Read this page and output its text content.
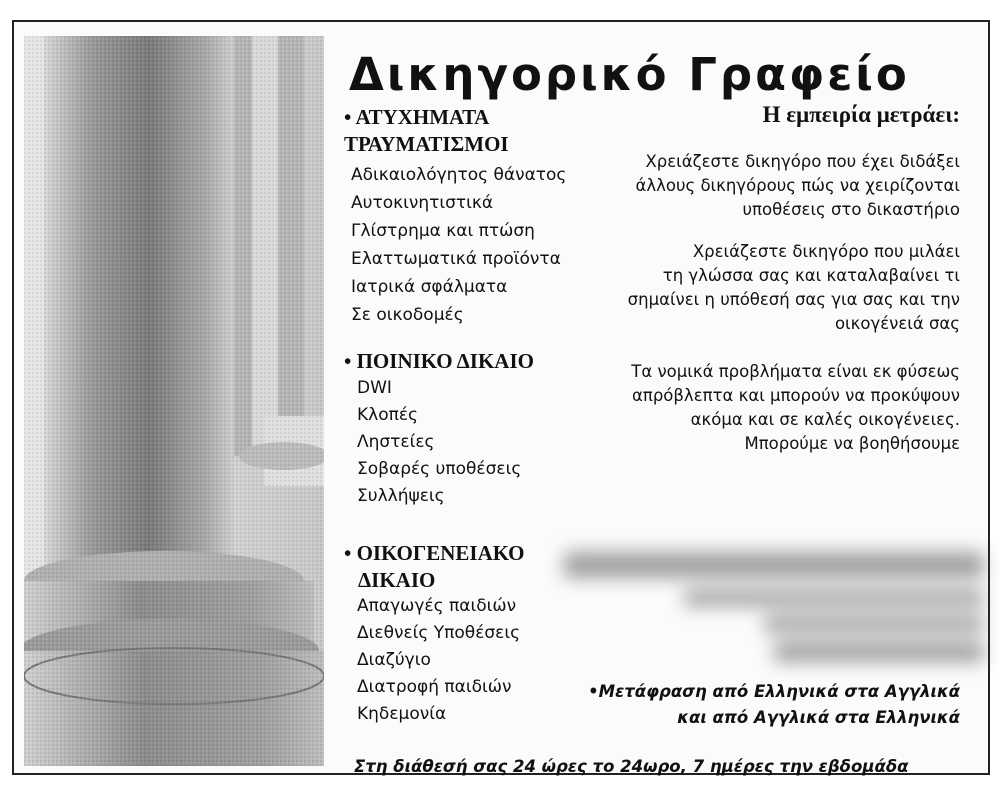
Δικηγορικό Γραφείο
• ΑΤΥΧΗΜΑΤΑ
ΤΡΑΥΜΑΤΙΣΜΟΙ
Αδικαιολόγητος θάνατος
Αυτοκινητιστικά
Γλίστρημα και πτώση
Ελαττωματικά προϊόντα
Ιατρικά σφάλματα
Σε οικοδομές
• ΠΟΙΝΙΚΟ ΔΙΚΑΙΟ
DWI
Κλοπές
Ληστείες
Σοβαρές υποθέσεις
Συλλήψεις
• ΟΙΚΟΓΕΝΕΙΑΚΟ
ΔΙΚΑΙΟ
Απαγωγές παιδιών
Διεθνείς Υποθέσεις
Διαζύγιο
Διατροφή παιδιών
Κηδεμονία
Η εμπειρία μετράει:
Χρειάζεστε δικηγόρο που έχει διδάξει
άλλους δικηγόρους πώς να χειρίζονται
υποθέσεις στο δικαστήριο
Χρειάζεστε δικηγόρο που μιλάει
τη γλώσσα σας και καταλαβαίνει τι
σημαίνει η υπόθεσή σας για σας και την
οικογένειά σας
Τα νομικά προβλήματα είναι εκ φύσεως
απρόβλεπτα και μπορούν να προκύψουν
ακόμα και σε καλές οικογένειες.
Μπορούμε να βοηθήσουμε
•Μετάφραση από Ελληνικά στα Αγγλικά
και από Αγγλικά στα Ελληνικά
Στη διάθεσή σας 24 ώρες το 24ωρο, 7 ημέρες την εβδομάδα
